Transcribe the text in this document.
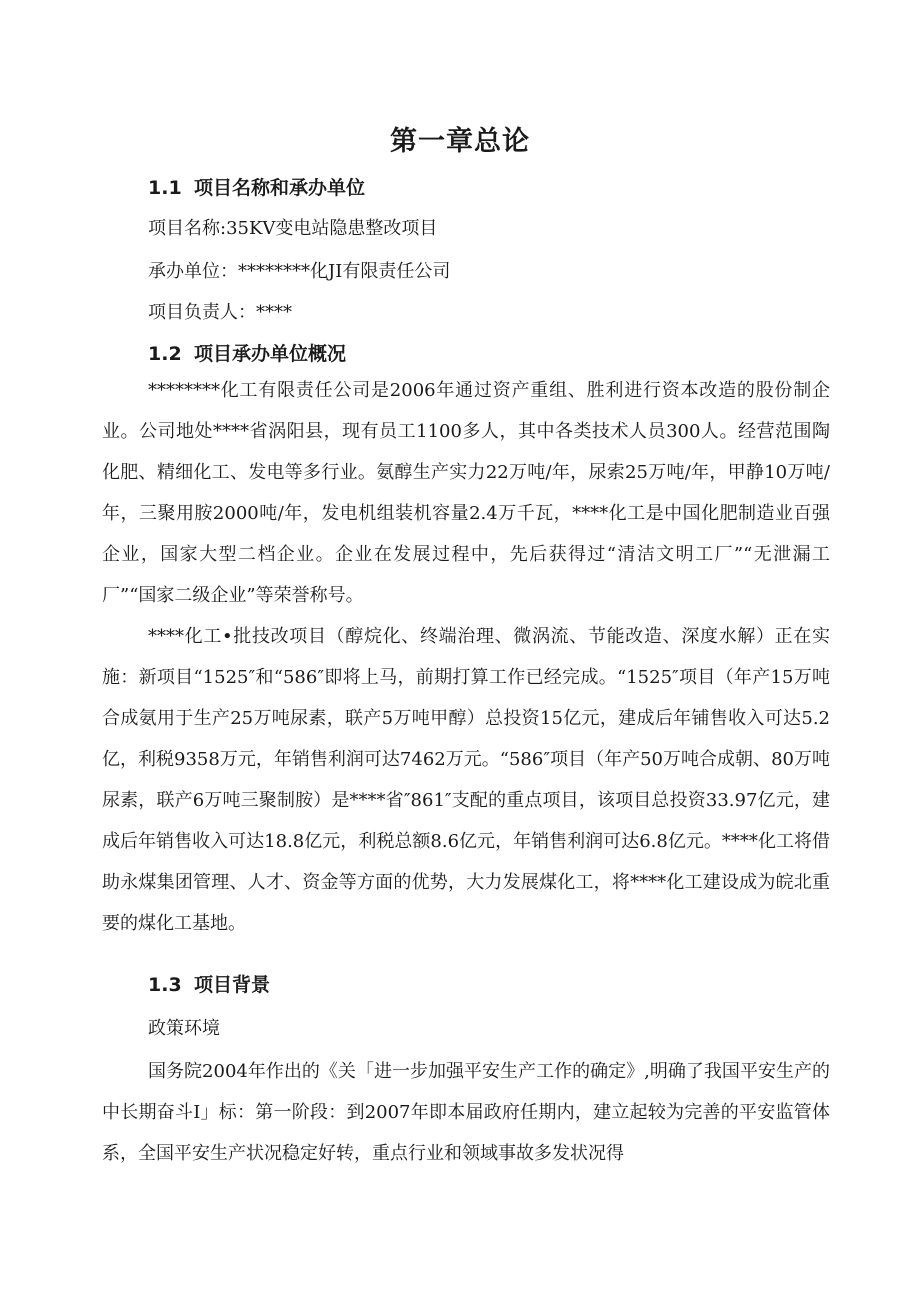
第一章总论
1.1 项目名称和承办单位

项目名称:35KV变电站隐患整改项目

承办单位：********化JI有限责任公司

项目负责人：****

1.2 项目承办单位概况

********化工有限责任公司是2006年通过资产重组、胜利进行资本改造的股份制企业。公司地处****省涡阳县，现有员工1100多人，其中各类技术人员300人。经营范围陶化肥、精细化工、发电等多行业。氨醇生产实力22万吨/年，尿索25万吨/年，甲静10万吨/年，三聚用胺2000吨/年，发电机组装机容量2.4万千瓦，****化工是中国化肥制造业百强企业，国家大型二档企业。企业在发展过程中，先后获得过“清洁文明工厂”“无泄漏工厂”“国家二级企业”等荣誉称号。

****化工•批技改项目（醇烷化、终端治理、微涡流、节能改造、深度水解）正在实施：新项目“1525″和“586″即将上马，前期打算工作已经完成。“1525″项目（年产15万吨合成氨用于生产25万吨尿素，联产5万吨甲醇）总投资15亿元，建成后年铺售收入可达5.2亿，利税9358万元，年销售利润可达7462万元。“586″项目（年产50万吨合成朝、80万吨尿素，联产6万吨三聚制胺）是****省″861″支配的重点项目，该项目总投资33.97亿元，建成后年销售收入可达18.8亿元，利税总额8.6亿元，年销售利润可达6.8亿元。****化工将借助永煤集团管理、人才、资金等方面的优势，大力发展煤化工，将****化工建设成为皖北重要的煤化工基地。

1.3 项目背景

政策环境

国务院2004年作出的《关「进一步加强平安生产工作的确定》,明确了我国平安生产的中长期奋斗I」标：第一阶段：到2007年即本届政府任期内，建立起较为完善的平安监管体系，全国平安生产状况稳定好转，重点行业和领域事故多发状况得
